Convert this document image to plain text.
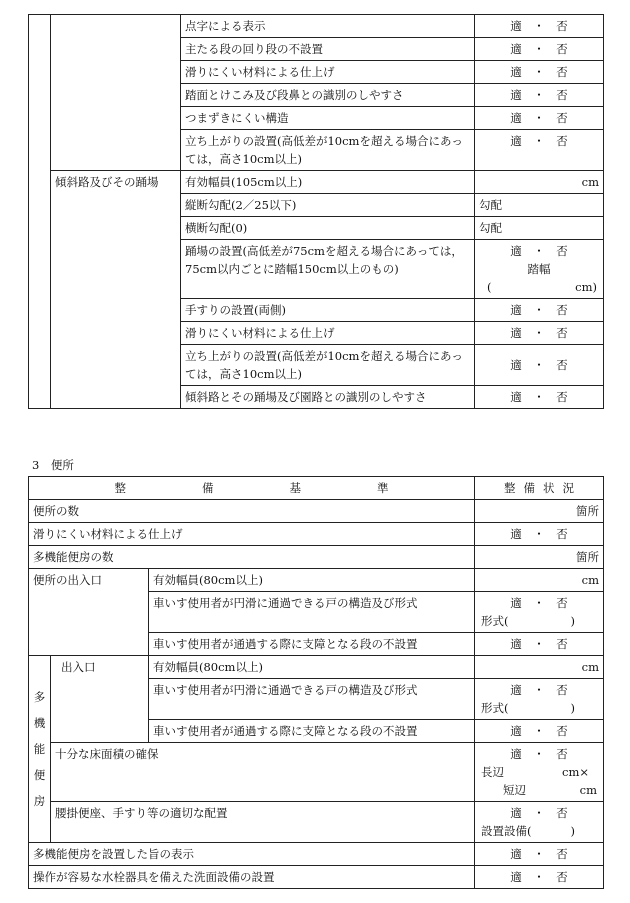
		点字による表示	適　・　否

		主たる段の回り段の不設置	適　・　否

		滑りにくい材料による仕上げ	適　・　否

		踏面とけこみ及び段鼻との識別のしやすさ	適　・　否

		つまずきにくい構造	適　・　否

		立ち上がりの設置(高低差が10cmを超える場合にあっては，高さ10cm以上)	適　・　否

	傾斜路及びその踊場	有効幅員(105cm以上)	cm
		縦断勾配(2／25以下)	勾配
		横断勾配(0)	勾配
		踊場の設置(高低差が75cmを超える場合にあっては，75cm以内ごとに踏幅150cm以上のもの)	適　・　否
踏幅
( cm)

		手すりの設置(両側)	適　・　否

		滑りにくい材料による仕上げ	適　・　否

		立ち上がりの設置(高低差が10cmを超える場合にあっては，高さ10cm以上)	適　・　否

		傾斜路とその踊場及び園路との識別のしやすさ	適　・　否
3　便所
整 備 基 準			整 備 状 況
便所の数			箇所
滑りにくい材料による仕上げ			適　・　否

多機能便房の数			箇所
便所の出入口		有効幅員(80cm以上)	cm
		車いす使用者が円滑に通過できる戸の構造及び形式	適　・　否
形式( )

		車いす使用者が通過する際に支障となる段の不設置	適　・　否

多
機
能
便
房	出入口	有効幅員(80cm以上)	cm
		車いす使用者が円滑に通過できる戸の構造及び形式	適　・　否
形式( )

		車いす使用者が通過する際に支障となる段の不設置	適　・　否

	十分な床面積の確保		適　・　否
長辺 cm×
短辺 cm

	腰掛便座、手すり等の適切な配置		適　・　否
設置設備( )

多機能便房を設置した旨の表示			適　・　否

操作が容易な水栓器具を備えた洗面設備の設置			適　・　否
